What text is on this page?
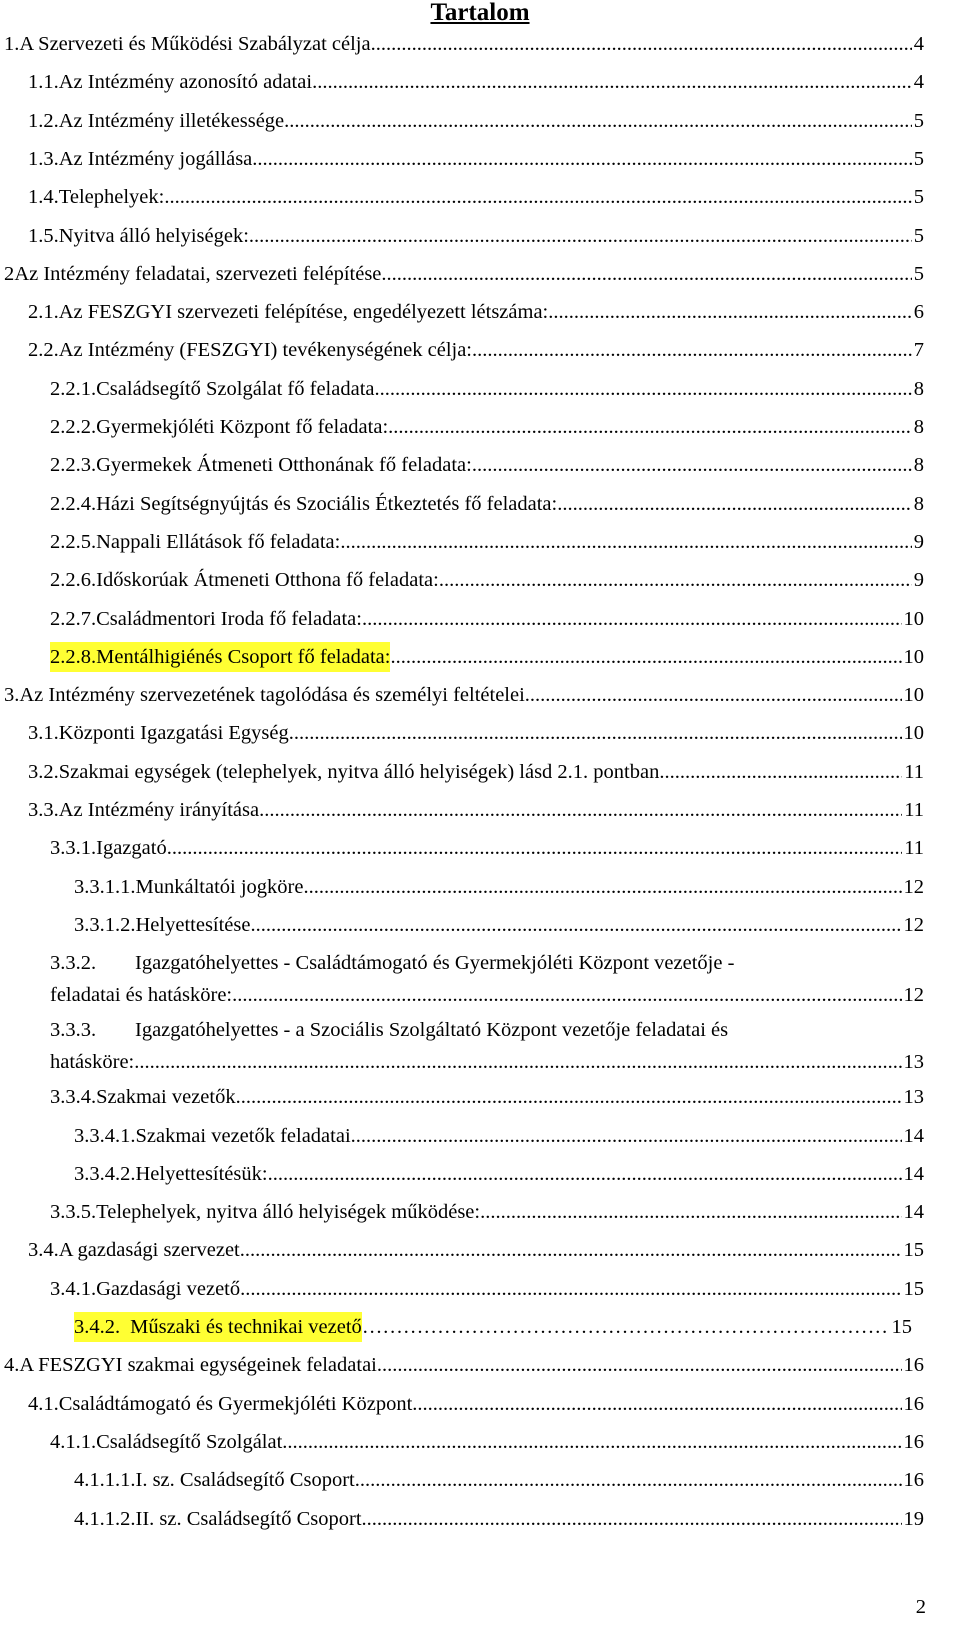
Tartalom
1. A Szervezeti és Működési Szabályzat célja .....	4
1.1. Az Intézmény azonosító adatai .....	4
1.2. Az Intézmény illetékessége .....	5
1.3. Az Intézmény jogállása .....	5
1.4. Telephelyek: .....	5
1.5. Nyitva álló helyiségek: .....	5
2 Az Intézmény feladatai, szervezeti felépítése .....	5
2.1. Az FESZGYI szervezeti felépítése, engedélyezett létszáma: .....	6
2.2. Az Intézmény (FESZGYI) tevékenységének célja: .....	7
2.2.1. Családsegítő Szolgálat fő feladata .....	8
2.2.2. Gyermekjóléti Központ fő feladata: .....	8
2.2.3. Gyermekek Átmeneti Otthonának fő feladata: .....	8
2.2.4. Házi Segítségnyújtás és Szociális Étkeztetés fő feladata: .....	8
2.2.5. Nappali Ellátások fő feladata: .....	9
2.2.6. Időskorúak Átmeneti Otthona fő feladata: .....	9
2.2.7. Családmentori Iroda fő feladata: .....	10
2.2.8. Mentálhigiénés Csoport fő feladata: .....	10
3. Az Intézmény szervezetének tagolódása és személyi feltételei .....	10
3.1. Központi Igazgatási Egység .....	10
3.2. Szakmai egységek (telephelyek, nyitva álló helyiségek) lásd 2.1. pontban .....	11
3.3. Az Intézmény irányítása .....	11
3.3.1. Igazgató .....	11
3.3.1.1. Munkáltatói jogköre .....	12
3.3.1.2. Helyettesítése .....	12
3.3.2.	Igazgatóhelyettes - Családtámogató és Gyermekjóléti Központ vezetője -
feladatai és hatásköre: .....	12
3.3.3.	Igazgatóhelyettes - a Szociális Szolgáltató Központ vezetője feladatai és
hatásköre: .....	13
3.3.4. Szakmai vezetők .....	13
3.3.4.1. Szakmai vezetők feladatai .....	14
3.3.4.2. Helyettesítésük: .....	14
3.3.5. Telephelyek, nyitva álló helyiségek működése: .....	14
3.4. A gazdasági szervezet .....	15
3.4.1. Gazdasági vezető .....	15
3.4.2. Műszaki és technikai vezető …………………………………………………………………………………………………………………………………………………………………………………………………………………………………………………	15
4. A FESZGYI szakmai egységeinek feladatai .....	16
4.1. Családtámogató és Gyermekjóléti Központ .....	16
4.1.1. Családsegítő Szolgálat .....	16
4.1.1.1. I. sz. Családsegítő Csoport .....	16
4.1.1.2. II. sz. Családsegítő Csoport .....	19
2
